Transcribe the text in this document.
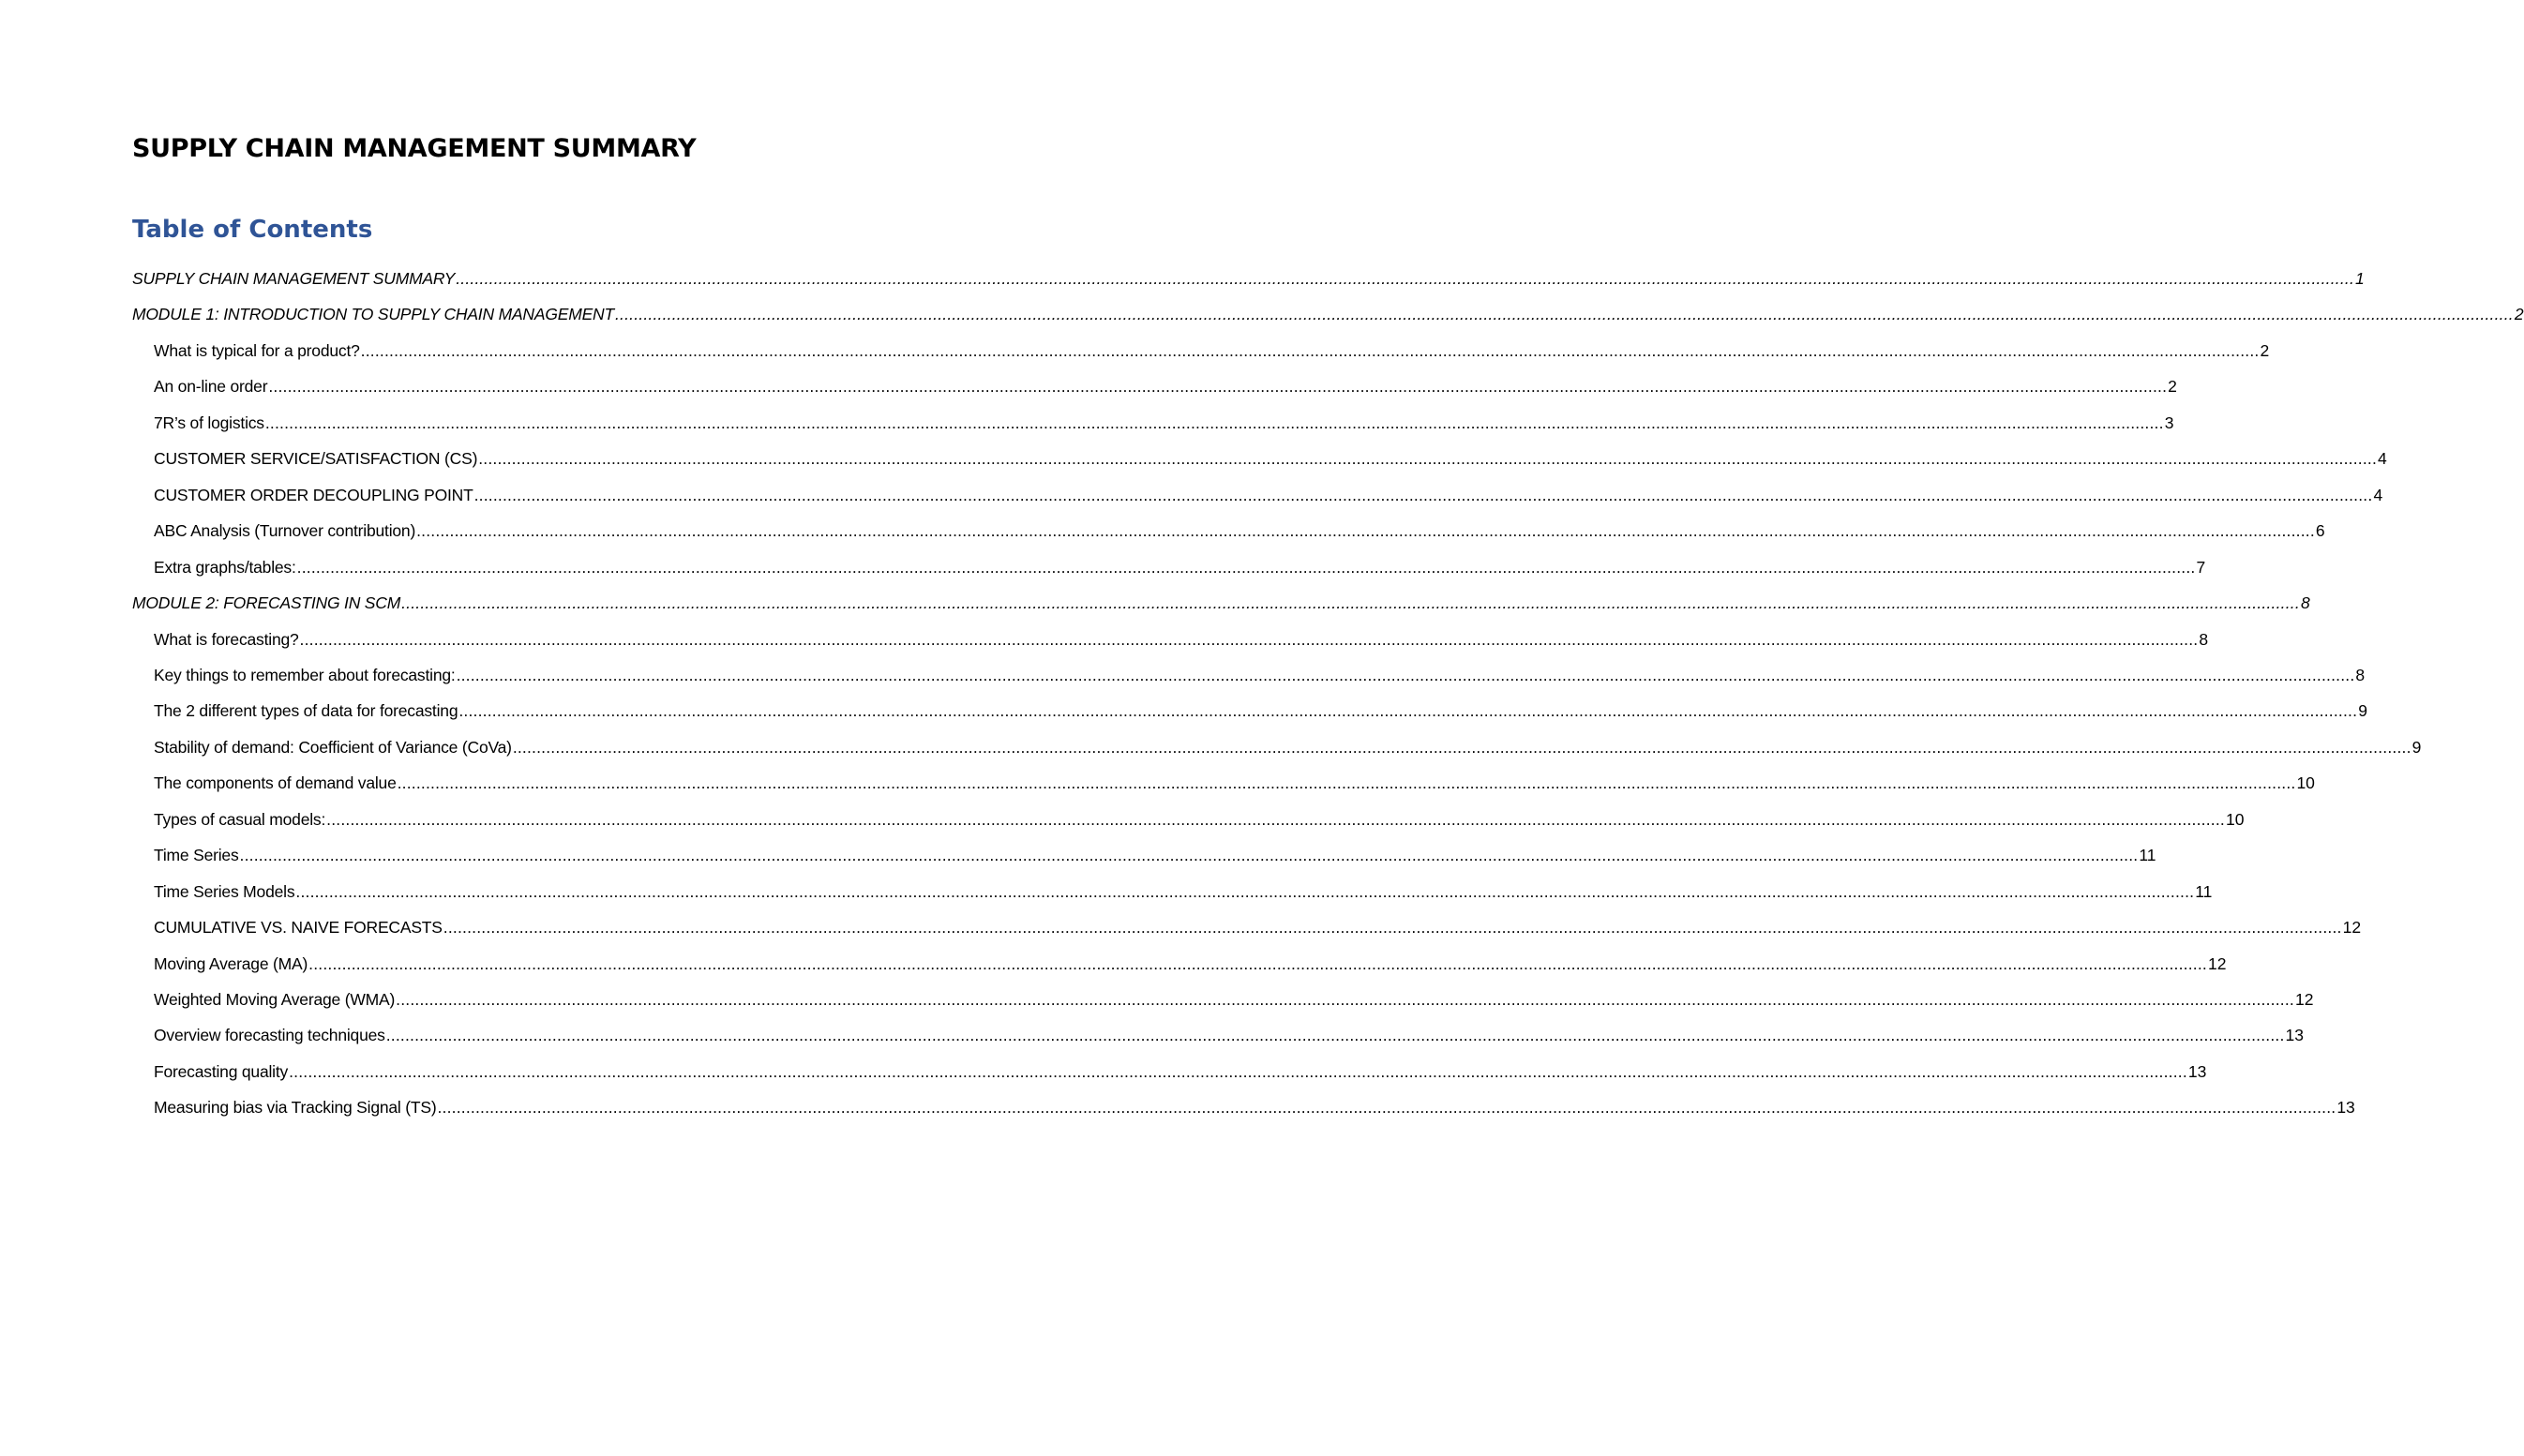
SUPPLY CHAIN MANAGEMENT SUMMARY
Table of Contents
SUPPLY CHAIN MANAGEMENT SUMMARY ................................................................................................................................................................................................................................................................................................................................................................................................................ 1
MODULE 1: INTRODUCTION TO SUPPLY CHAIN MANAGEMENT ................................................................................................................................................................................................................................................................................................................................................................................................................ 2
What is typical for a product? ................................................................................................................................................................................................................................................................................................................................................................................................................ 2
An on-line order ................................................................................................................................................................................................................................................................................................................................................................................................................ 2
7R’s of logistics ................................................................................................................................................................................................................................................................................................................................................................................................................ 3
CUSTOMER SERVICE/SATISFACTION (CS) ................................................................................................................................................................................................................................................................................................................................................................................................................ 4
CUSTOMER ORDER DECOUPLING POINT ................................................................................................................................................................................................................................................................................................................................................................................................................ 4
ABC Analysis (Turnover contribution) ................................................................................................................................................................................................................................................................................................................................................................................................................ 6
Extra graphs/tables: ................................................................................................................................................................................................................................................................................................................................................................................................................ 7
MODULE 2: FORECASTING IN SCM ................................................................................................................................................................................................................................................................................................................................................................................................................ 8
What is forecasting? ................................................................................................................................................................................................................................................................................................................................................................................................................ 8
Key things to remember about forecasting: ................................................................................................................................................................................................................................................................................................................................................................................................................ 8
The 2 different types of data for forecasting ................................................................................................................................................................................................................................................................................................................................................................................................................ 9
Stability of demand: Coefficient of Variance (CoVa) ................................................................................................................................................................................................................................................................................................................................................................................................................ 9
The components of demand value ................................................................................................................................................................................................................................................................................................................................................................................................................ 10
Types of casual models: ................................................................................................................................................................................................................................................................................................................................................................................................................ 10
Time Series ................................................................................................................................................................................................................................................................................................................................................................................................................ 11
Time Series Models ................................................................................................................................................................................................................................................................................................................................................................................................................ 11
CUMULATIVE VS. NAIVE FORECASTS ................................................................................................................................................................................................................................................................................................................................................................................................................ 12
Moving Average (MA) ................................................................................................................................................................................................................................................................................................................................................................................................................ 12
Weighted Moving Average (WMA) ................................................................................................................................................................................................................................................................................................................................................................................................................ 12
Overview forecasting techniques ................................................................................................................................................................................................................................................................................................................................................................................................................ 13
Forecasting quality ................................................................................................................................................................................................................................................................................................................................................................................................................ 13
Measuring bias via Tracking Signal (TS) ................................................................................................................................................................................................................................................................................................................................................................................................................ 13
